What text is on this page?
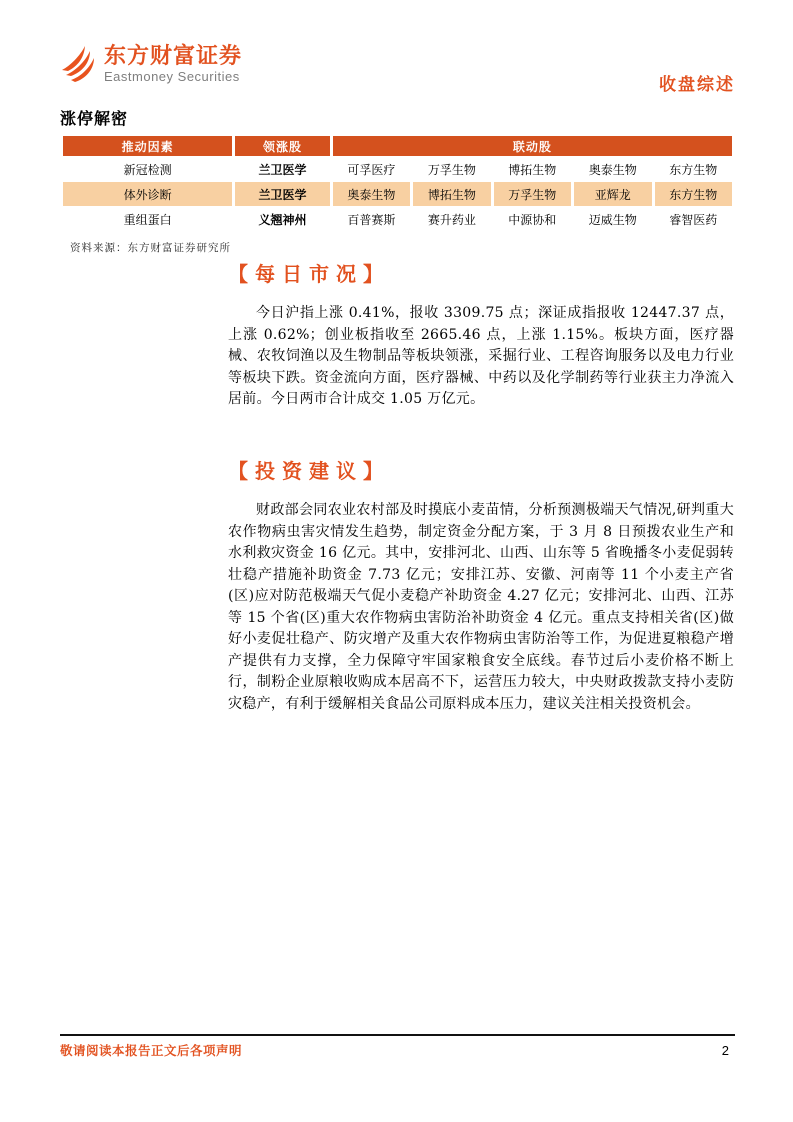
东方财富证券
Eastmoney Securities	收盘综述
涨停解密
推动因素	领涨股	联动股				
新冠检测	兰卫医学	可孚医疗	万孚生物	博拓生物	奥泰生物	东方生物
体外诊断	兰卫医学	奥泰生物	博拓生物	万孚生物	亚辉龙	东方生物
重组蛋白	义翘神州	百普赛斯	赛升药业	中源协和	迈威生物	睿智医药
资料来源：东方财富证券研究所
【每日市况】

今日沪指上涨 0.41%，报收 3309.75 点；深证成指报收 12447.37 点，上涨 0.62%；创业板指收至 2665.46 点，上涨 1.15%。板块方面，医疗器械、农牧饲渔以及生物制品等板块领涨，采掘行业、工程咨询服务以及电力行业等板块下跌。资金流向方面，医疗器械、中药以及化学制药等行业获主力净流入居前。今日两市合计成交 1.05 万亿元。

【投资建议】

财政部会同农业农村部及时摸底小麦苗情，分析预测极端天气情况,研判重大农作物病虫害灾情发生趋势，制定资金分配方案，于 3 月 8 日预拨农业生产和水利救灾资金 16 亿元。其中，安排河北、山西、山东等 5 省晚播冬小麦促弱转壮稳产措施补助资金 7.73 亿元；安排江苏、安徽、河南等 11 个小麦主产省(区)应对防范极端天气促小麦稳产补助资金 4.27 亿元；安排河北、山西、江苏等 15 个省(区)重大农作物病虫害防治补助资金 4 亿元。重点支持相关省(区)做好小麦促壮稳产、防灾增产及重大农作物病虫害防治等工作，为促进夏粮稳产增产提供有力支撑，全力保障守牢国家粮食安全底线。春节过后小麦价格不断上行，制粉企业原粮收购成本居高不下，运营压力较大，中央财政拨款支持小麦防灾稳产，有利于缓解相关食品公司原料成本压力，建议关注相关投资机会。

敬请阅读本报告正文后各项声明	2
